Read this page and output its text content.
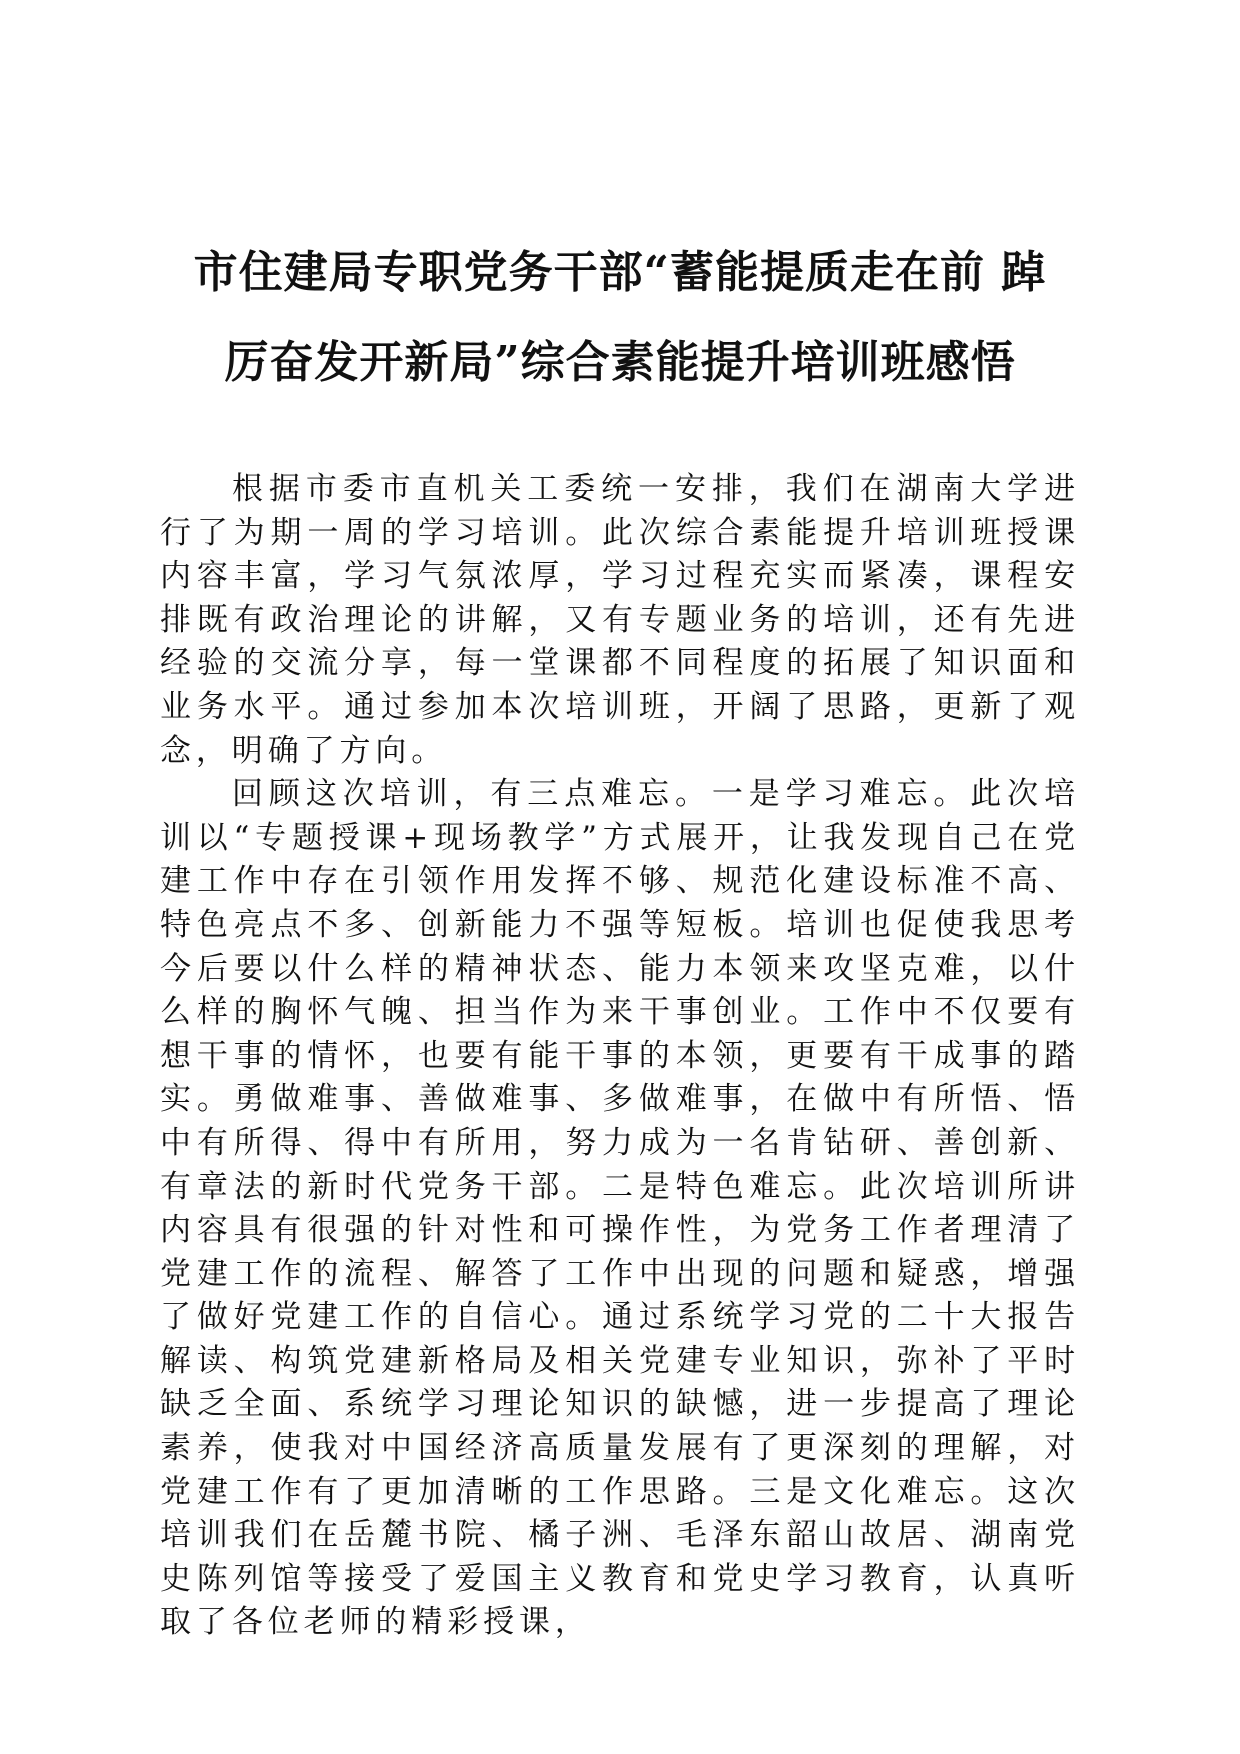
市住建局专职党务干部“蓄能提质走在前 踔
厉奋发开新局”综合素能提升培训班感悟

根据市委市直机关工委统一安排，我们在湖南大学进行了为期一周的学习培训。此次综合素能提升培训班授课内容丰富，学习气氛浓厚，学习过程充实而紧凑，课程安排既有政治理论的讲解，又有专题业务的培训，还有先进经验的交流分享，每一堂课都不同程度的拓展了知识面和业务水平。通过参加本次培训班，开阔了思路，更新了观念，明确了方向。

回顾这次培训，有三点难忘。一是学习难忘。此次培训以“专题授课+现场教学”方式展开，让我发现自己在党建工作中存在引领作用发挥不够、规范化建设标准不高、特色亮点不多、创新能力不强等短板。培训也促使我思考今后要以什么样的精神状态、能力本领来攻坚克难，以什么样的胸怀气魄、担当作为来干事创业。工作中不仅要有想干事的情怀，也要有能干事的本领，更要有干成事的踏实。勇做难事、善做难事、多做难事，在做中有所悟、悟中有所得、得中有所用，努力成为一名肯钻研、善创新、有章法的新时代党务干部。二是特色难忘。此次培训所讲内容具有很强的针对性和可操作性，为党务工作者理清了党建工作的流程、解答了工作中出现的问题和疑惑，增强了做好党建工作的自信心。通过系统学习党的二十大报告解读、构筑党建新格局及相关党建专业知识，弥补了平时缺乏全面、系统学习理论知识的缺憾，进一步提高了理论素养，使我对中国经济高质量发展有了更深刻的理解，对党建工作有了更加清晰的工作思路。三是文化难忘。这次培训我们在岳麓书院、橘子洲、毛泽东韶山故居、湖南党史陈列馆等接受了爱国主义教育和党史学习教育，认真听取了各位老师的精彩授课，
